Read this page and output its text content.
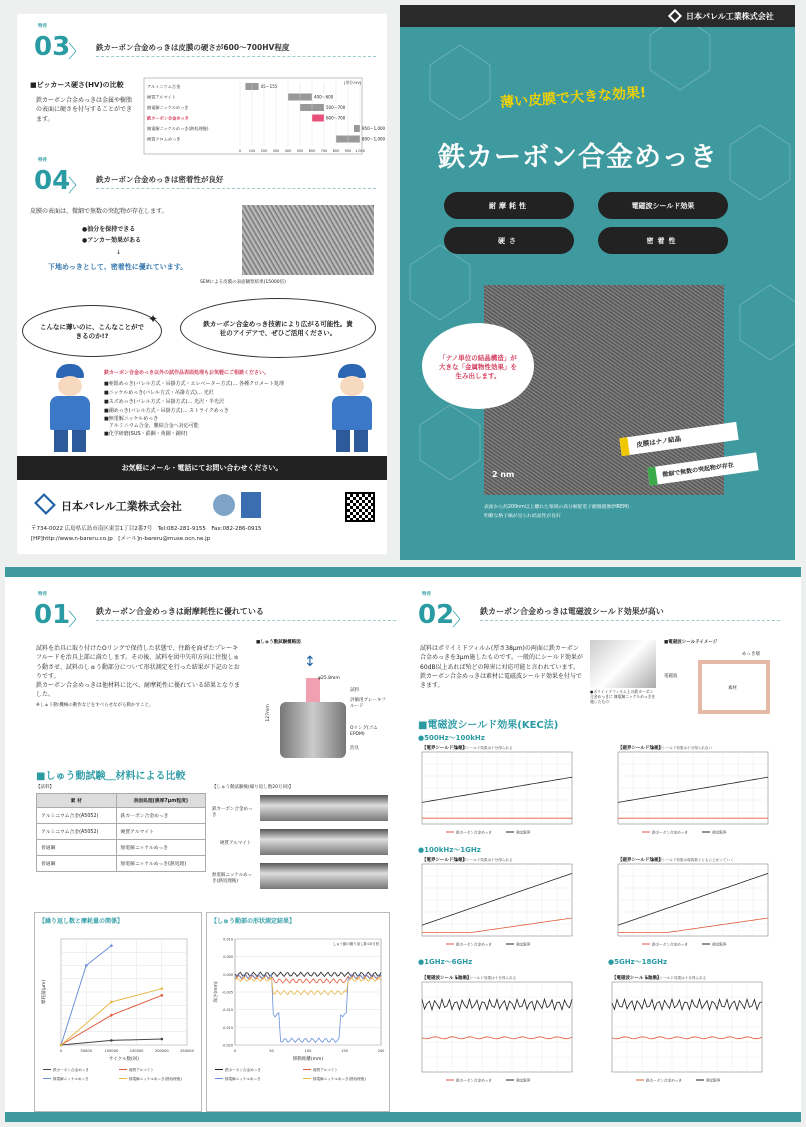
特長
03
〉 鉄カーボン合金めっきは皮膜の硬さが600～700HV程度
■ビッカース硬さ(HV)の比較
鉄カーボン合金めっきは金属や樹脂の表面に硬さを付与することができます。
[単位:HV]
アルミニウム合金	45～155
硬質アルマイト	400～600
無電解ニッケルめっき	500～700
鉄カーボン合金めっき	600～700
無電解ニッケルめっき(熱処理後)	950～1,000
硬質クロムめっき	800～1,000
0 100 200 300 400 500 600 700 800 900 1,000
特長
04
〉 鉄カーボン合金めっきは密着性が良好
皮膜の表面は、微細で無数の突起物が存在します。
●油分を保持できる
●アンカー効果がある
↓
下地めっきとして、密着性に優れています。
SEMによる皮膜の表面観察結果(15000倍)
こんなに薄いのに、こんなことができるのか!?
✦	鉄カーボン合金めっき技術により広がる可能性。貴社のアイデアで、ぜひご活用ください。
鉄カーボン合金めっき以外の試作品表面処理もお気軽にご相談ください。
■亜鉛めっき(バレル方式・吊掛方式・エレベーター方式)… 各種クロメート処理
■ニッケルめっき(バレル方式・吊掛方式)… 光沢
■スズめっき(バレル方式・吊掛方式)… 光沢・半光沢
■銅めっき(バレル方式・吊掛方式)… ストライクめっき
■無電解ニッケルめっき
　アルミニウム合金、難結合金へ対応可能
■化学研磨(SUS・鉄鋼・黄銅・銅材)
お気軽にメール・電話にてお問い合わせください。
日本パレル工業株式会社
〒734-0022 広島県広島市南区東雲1丁目2番7号　Tel:082-281-9155　Fax:082-286-0915
[HP]http://www.n-bareru.co.jp　[メール]n-bareru@muse.ocn.ne.jp
日本パレル工業株式会社
薄い皮膜で大きな効果!
鉄カーボン合金めっき
耐摩耗性	電磁波シールド効果
硬さ	密着性
2 nm
「ナノ単位の結晶構造」が大きな「金属物性効果」を生み出します。
皮膜はナノ結晶
微細で無数の突起物が存在
表面から約200nm以上離れた領域の高分解能電子顕微鏡像(HREM)
明瞭な格子縞が見られ結晶性が良好
特長
01
〉 鉄カーボン合金めっきは耐摩耗性に優れている
試料を治具に取り付けたOリングで保持した状態で、往路を面ぜたプレーキフルードを治具上部に満たします。その後、試料を図中矢印方向に往復しゅう動させ、試料のしゅう動部分について形状測定を行った結果が下記のとおりです。
鉄カーボン合金めっきは他材料に比べ、耐摩耗性に優れている結果となりました。
※しゅう動:機械の動作などをすべらせながら動かすこと。
■しゅう動試験概略図
↕
φ25.8mm
試料
評価用ブレーキフルード
Oリング(ゴムEPDM)
治具
127mm
■しゅう動試験＿材料による比較
【試料】
素 材	表面処理(膜厚7μm程度)
アルミニウム合金(A5052)	鉄カーボン合金めっき
アルミニウム合金(A5052)	硬質アルマイト
普通鋼	無電解ニッケルめっき
普通鋼	無電解ニッケルめっき(熱処理)
【しゅう動試験後(繰り返し数20万回)】
鉄カーボン合金めっき
硬質アルマイト
無電解ニッケルめっき(熱処理後)
【繰り返し数と摩耗量の関係】
0	50000	100000	150000	200000	250000
サイクル数(回)
摩耗量(μm)
鉄カーボン合金めっき	硬質アルマイト
無電解ニッケルめっき	無電解ニッケルめっき(熱処理後)
【しゅう動部の形状測定結果】
しゅう動の繰り返し数:10万回
0.010
0.005
0.000
-0.005
-0.010
-0.015
-0.020
0	50	100	150	200
移動距離(mm)
深さ(mm)
鉄カーボン合金めっき	硬質アルマイト
無電解ニッケルめっき	無電解ニッケルめっき(熱処理後)
特長
02
〉 鉄カーボン合金めっきは電磁波シールド効果が高い
試料はポリイミドフィルム(厚さ38μm)の両面に鉄カーボン合金めっきを3μm施したものです。一般的にシールド効果が60dB以上あれば殆どの障害に対応可能と言われています。鉄カーボン合金めっきは素材に電磁波シールド効果を付与できます。
●ポリイミドフィルム上の鉄カーボン合金めっきに 無電解ニッケルめっきを施したもの
■電磁波シールドイメージ
めっき層
電磁波
素材
■電磁波シールド効果(KEC法)
●500Hz～100kHz
【電界シールド効果】
▶電界シールド効果は十分得られる
鉄カーボン合金めっき	測定限界
【磁界シールド効果】
▶磁界シールド効果は十分得られない
鉄カーボン合金めっき	測定限界
●100kHz～1GHz
【電界シールド効果】
▶電界シールド効果は十分得られる
鉄カーボン合金めっき	測定限界
【磁界シールド効果】
▶磁界シールド効果は周波数とともに上がっていく
鉄カーボン合金めっき	測定限界
●1GHz～6GHz
【電磁波シールド効果】
▶電磁波シールド効果は十分得られる
鉄カーボン合金めっき	測定限界
●5GHz～18GHz
【電磁波シールド効果】
▶電磁波シールド効果は十分得られる
鉄カーボン合金めっき	測定限界
